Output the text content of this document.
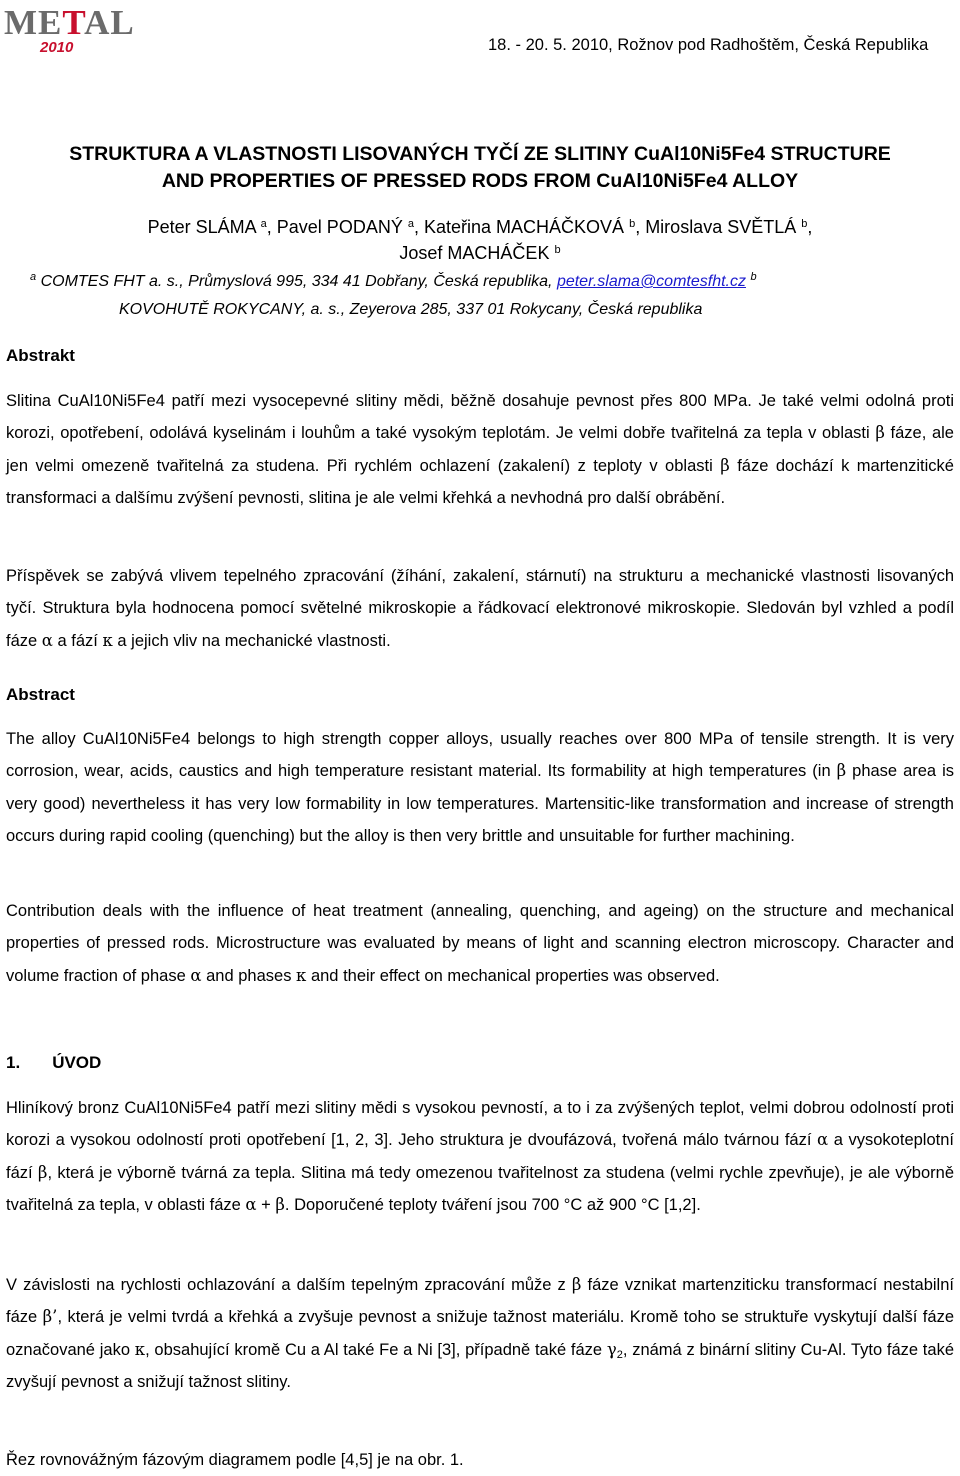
METAL
2010	18. - 20. 5. 2010, Rožnov pod Radhoštěm, Česká Republika
STRUKTURA A VLASTNOSTI LISOVANÝCH TYČÍ ZE SLITINY CuAl10Ni5Fe4 STRUCTURE
AND PROPERTIES OF PRESSED RODS FROM CuAl10Ni5Fe4 ALLOY
Peter SLÁMA $^a$, Pavel PODANÝ $^a$, Kateřina MACHÁČKOVÁ $^b$, Miroslava SVĚTLÁ $^b$,
Josef MACHÁČEK $^b$
$^a$ COMTES FHT a. s., Průmyslová 995, 334 41 Dobřany, Česká republika, peter.slama@comtesfht.cz $^b$
KOVOHUTĚ ROKYCANY, a. s., Zeyerova 285, 337 01 Rokycany, Česká republika
Abstrakt
Slitina CuAl10Ni5Fe4 patří mezi vysocepevné slitiny mědi, běžně dosahuje pevnost přes 800 MPa. Je také velmi odolná proti korozi, opotřebení, odolává kyselinám i louhům a také vysokým teplotám. Je velmi dobře tvařitelná za tepla v oblasti β fáze, ale jen velmi omezeně tvařitelná za studena. Při rychlém ochlazení (zakalení) z teploty v oblasti β fáze dochází k martenzitické transformaci a dalšímu zvýšení pevnosti, slitina je ale velmi křehká a nevhodná pro další obrábění.
Příspěvek se zabývá vlivem tepelného zpracování (žíhání, zakalení, stárnutí) na strukturu a mechanické vlastnosti lisovaných tyčí. Struktura byla hodnocena pomocí světelné mikroskopie a řádkovací elektronové mikroskopie. Sledován byl vzhled a podíl fáze α a fází κ a jejich vliv na mechanické vlastnosti.
Abstract
The alloy CuAl10Ni5Fe4 belongs to high strength copper alloys, usually reaches over 800 MPa of tensile strength. It is very corrosion, wear, acids, caustics and high temperature resistant material. Its formability at high temperatures (in β phase area is very good) nevertheless it has very low formability in low temperatures. Martensitic-like transformation and increase of strength occurs during rapid cooling (quenching) but the alloy is then very brittle and unsuitable for further machining.
Contribution deals with the influence of heat treatment (annealing, quenching, and ageing) on the structure and mechanical properties of pressed rods. Microstructure was evaluated by means of light and scanning electron microscopy. Character and volume fraction of phase α and phases κ and their effect on mechanical properties was observed.
1. ÚVOD
Hliníkový bronz CuAl10Ni5Fe4 patří mezi slitiny mědi s vysokou pevností, a to i za zvýšených teplot, velmi dobrou odolností proti korozi a vysokou odolností proti opotřebení [1, 2, 3]. Jeho struktura je dvoufázová, tvořená málo tvárnou fází α a vysokoteplotní fází β, která je výborně tvárná za tepla. Slitina má tedy omezenou tvařitelnost za studena (velmi rychle zpevňuje), je ale výborně tvařitelná za tepla, v oblasti fáze α + β. Doporučené teploty tváření jsou 700 °C až 900 °C [1,2].
V závislosti na rychlosti ochlazování a dalším tepelným zpracování může z β fáze vznikat martenziticku transformací nestabilní fáze β’, která je velmi tvrdá a křehká a zvyšuje pevnost a snižuje tažnost materiálu. Kromě toho se struktuře vyskytují další fáze označované jako κ, obsahující kromě Cu a Al také Fe a Ni [3], případně také fáze $\gamma_2$, známá z binární slitiny Cu-Al. Tyto fáze také zvyšují pevnost a snižují tažnost slitiny.
Řez rovnovážným fázovým diagramem podle [4,5] je na obr. 1.
